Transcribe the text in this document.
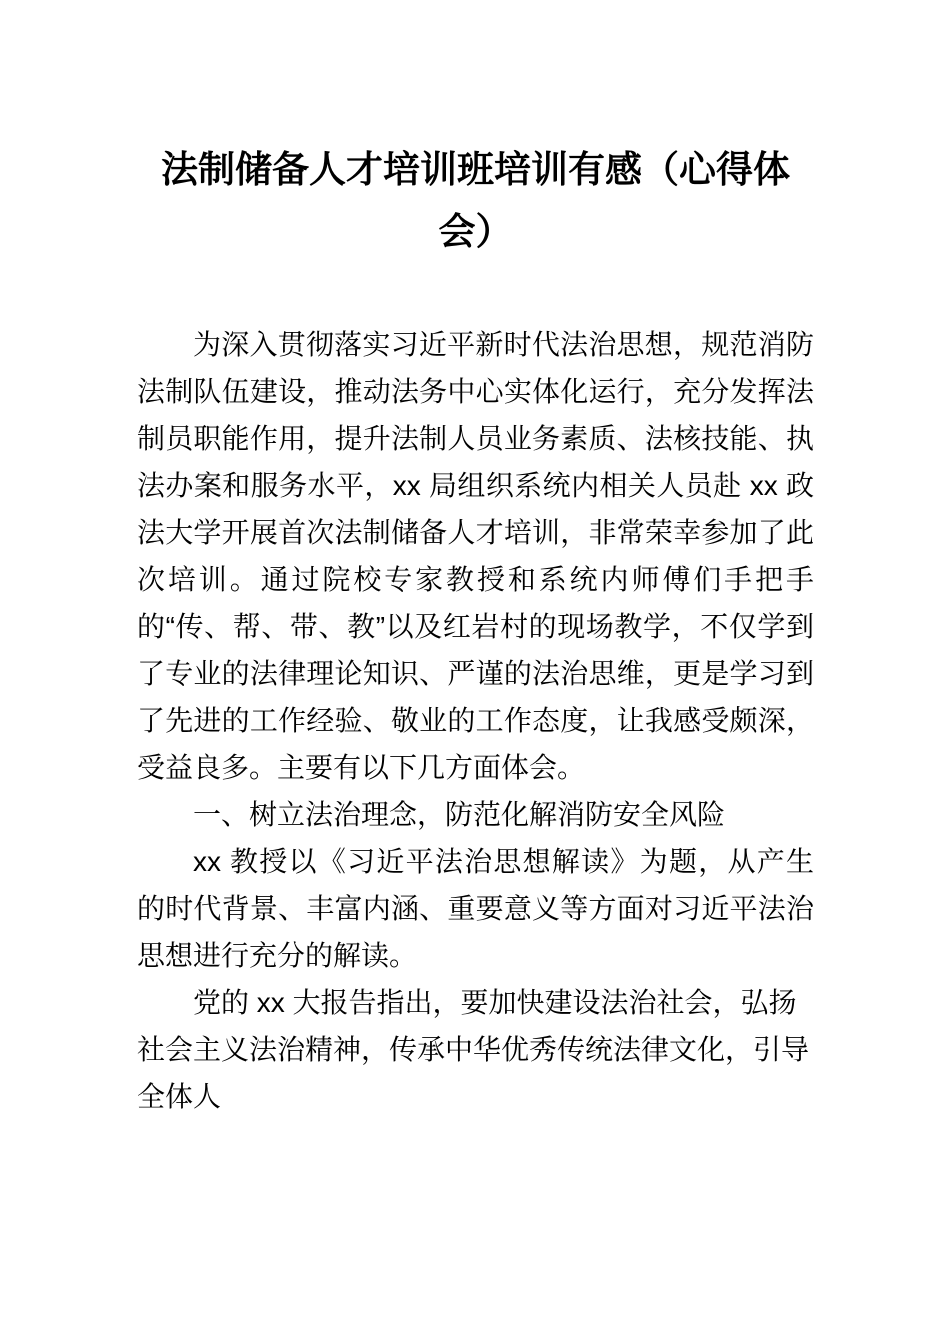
法制储备人才培训班培训有感（心得体会）

为深入贯彻落实习近平新时代法治思想，规范消防法制队伍建设，推动法务中心实体化运行，充分发挥法制员职能作用，提升法制人员业务素质、法核技能、执法办案和服务水平，xx 局组织系统内相关人员赴 xx 政法大学开展首次法制储备人才培训，非常荣幸参加了此次培训。通过院校专家教授和系统内师傅们手把手的“传、帮、带、教”以及红岩村的现场教学，不仅学到了专业的法律理论知识、严谨的法治思维，更是学习到了先进的工作经验、敬业的工作态度，让我感受颇深，受益良多。主要有以下几方面体会。

一、树立法治理念，防范化解消防安全风险

xx 教授以《习近平法治思想解读》为题，从产生的时代背景、丰富内涵、重要意义等方面对习近平法治思想进行充分的解读。

党的 xx 大报告指出，要加快建设法治社会，弘扬社会主义法治精神，传承中华优秀传统法律文化，引导全体人
